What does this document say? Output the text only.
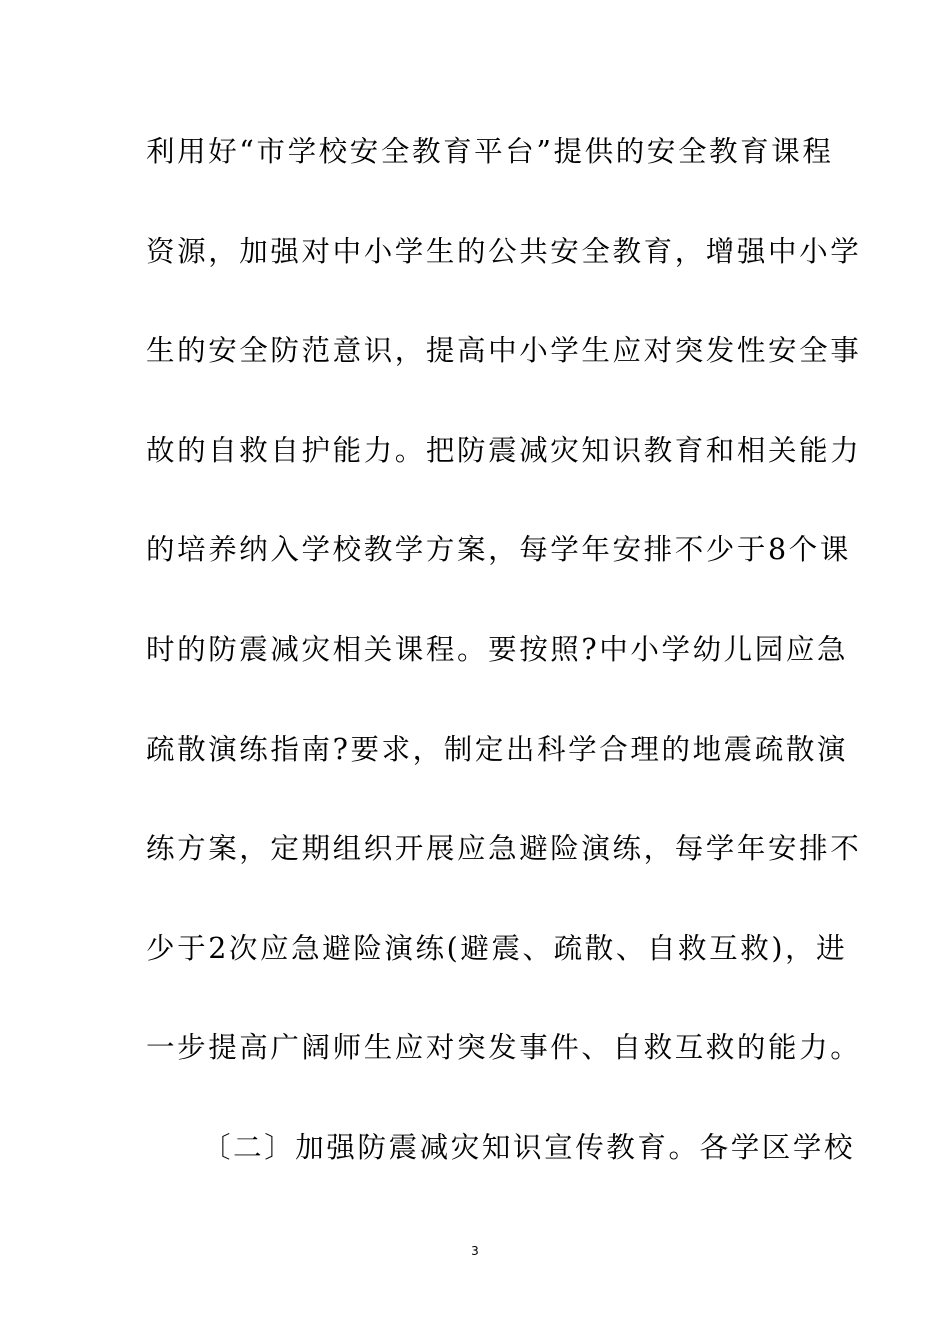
利用好“市学校安全教育平台”提供的安全教育课程
资源，加强对中小学生的公共安全教育，增强中小学
生的安全防范意识，提高中小学生应对突发性安全事
故的自救自护能力。把防震减灾知识教育和相关能力
的培养纳入学校教学方案，每学年安排不少于8个课
时的防震减灾相关课程。要按照?中小学幼儿园应急
疏散演练指南?要求，制定出科学合理的地震疏散演
练方案，定期组织开展应急避险演练，每学年安排不
少于2次应急避险演练(避震、疏散、自救互救)，进
一步提高广阔师生应对突发事件、自救互救的能力。
〔二〕加强防震减灾知识宣传教育。各学区学校
3
